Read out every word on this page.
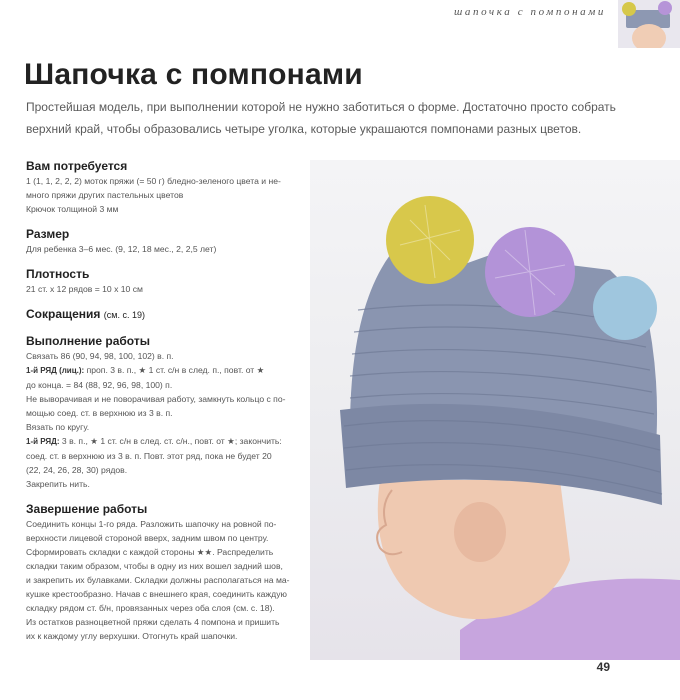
шапочка с помпонами
Шапочка с помпонами

Простейшая модель, при выполнении которой не нужно заботиться о форме. Достаточно просто собрать верхний край, чтобы образовались четыре уголка, которые украшаются помпонами разных цветов.

Вам потребуется

1 (1, 1, 2, 2, 2) моток пряжи (= 50 г) бледно-зеленого цвета и не-

много пряжи других пастельных цветов

Крючок толщиной 3 мм

Размер

Для ребенка 3–6 мес. (9, 12, 18 мес., 2, 2,5 лет)

Плотность

21 ст. х 12 рядов = 10 х 10 см

Сокращения (см. с. 19)

Выполнение работы

Связать 86 (90, 94, 98, 100, 102) в. п.

1-й РЯД (лиц.): проп. 3 в. п., ★ 1 ст. с/н в след. п., повт. от ★

до конца. = 84 (88, 92, 96, 98, 100) п.

Не выворачивая и не поворачивая работу, замкнуть кольцо с по-

мощью соед. ст. в верхнюю из 3 в. п.

Вязать по кругу.

1-й РЯД: 3 в. п., ★ 1 ст. с/н в след. ст. с/н., повт. от ★; закончить:

соед. ст. в верхнюю из 3 в. п. Повт. этот ряд, пока не будет 20

(22, 24, 26, 28, 30) рядов.

Закрепить нить.

Завершение работы

Соединить концы 1-го ряда. Разложить шапочку на ровной по-

верхности лицевой стороной вверх, задним швом по центру.

Сформировать складки с каждой стороны ★★. Распределить

складки таким образом, чтобы в одну из них вошел задний шов,

и закрепить их булавками. Складки должны располагаться на ма-

кушке крестообразно. Начав с внешнего края, соединить каждую

складку рядом ст. б/н, провязанных через оба слоя (см. с. 18).

Из остатков разноцветной пряжи сделать 4 помпона и пришить

их к каждому углу верхушки. Отогнуть край шапочки.

49
